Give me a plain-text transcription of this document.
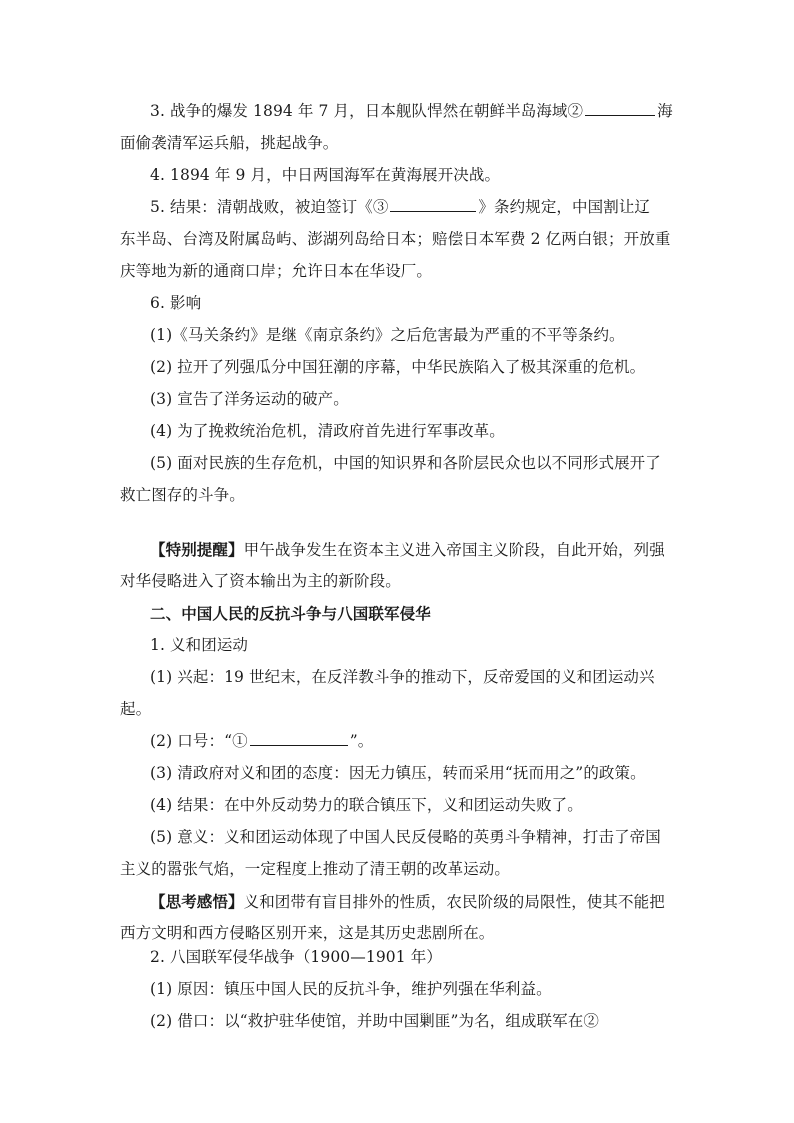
3. 战争的爆发 1894 年 7 月，日本舰队悍然在朝鲜半岛海域②	海

面偷袭清军运兵船，挑起战争。

4. 1894 年 9 月，中日两国海军在黄海展开决战。

5. 结果：清朝战败，被迫签订《③	》条约规定，中国割让辽

东半岛、台湾及附属岛屿、澎湖列岛给日本；赔偿日本军费 2 亿两白银；开放重

庆等地为新的通商口岸；允许日本在华设厂。

6. 影响

(1)《马关条约》是继《南京条约》之后危害最为严重的不平等条约。

(2) 拉开了列强瓜分中国狂潮的序幕，中华民族陷入了极其深重的危机。

(3) 宣告了洋务运动的破产。

(4) 为了挽救统治危机，清政府首先进行军事改革。

(5) 面对民族的生存危机，中国的知识界和各阶层民众也以不同形式展开了

救亡图存的斗争。

【特别提醒】甲午战争发生在资本主义进入帝国主义阶段，自此开始，列强

对华侵略进入了资本输出为主的新阶段。

二、中国人民的反抗斗争与八国联军侵华

1. 义和团运动

(1) 兴起：19 世纪末，在反洋教斗争的推动下，反帝爱国的义和团运动兴

起。

(2) 口号：“①	”。

(3) 清政府对义和团的态度：因无力镇压，转而采用“抚而用之”的政策。

(4) 结果：在中外反动势力的联合镇压下，义和团运动失败了。

(5) 意义：义和团运动体现了中国人民反侵略的英勇斗争精神，打击了帝国

主义的嚣张气焰，一定程度上推动了清王朝的改革运动。

【思考感悟】义和团带有盲目排外的性质，农民阶级的局限性，使其不能把

西方文明和西方侵略区别开来，这是其历史悲剧所在。

2. 八国联军侵华战争（1900—1901 年）

(1) 原因：镇压中国人民的反抗斗争，维护列强在华利益。

(2) 借口：以“救护驻华使馆，并助中国剿匪”为名，组成联军在②
